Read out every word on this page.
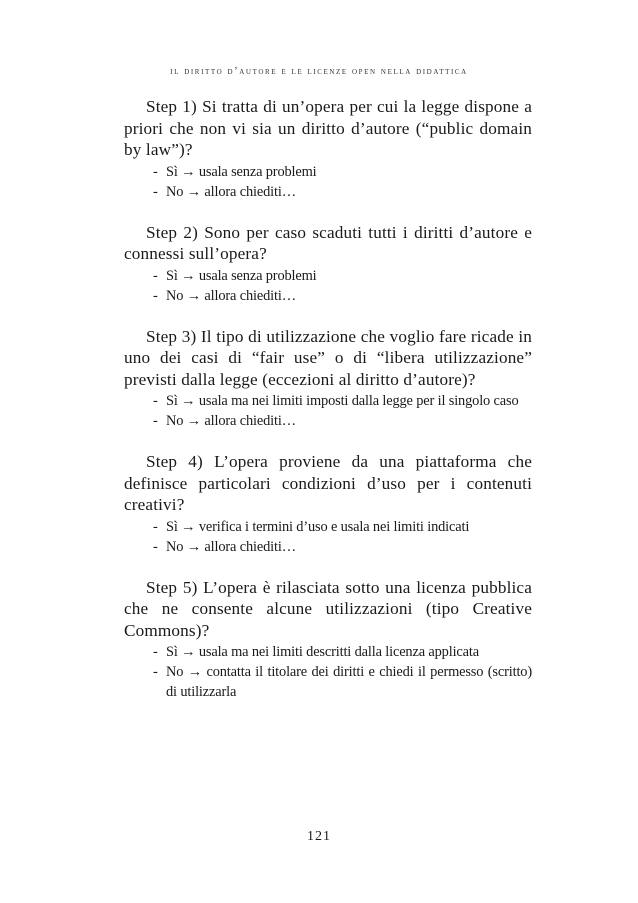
il diritto d’autore e le licenze open nella didattica
Step 1) Si tratta di un’opera per cui la legge dispone a priori che non vi sia un diritto d’autore (“public domain by law”)?
- Sì → usala senza problemi
- No → allora chiediti…
Step 2) Sono per caso scaduti tutti i diritti d’autore e connessi sull’opera?
- Sì → usala senza problemi
- No → allora chiediti…
Step 3) Il tipo di utilizzazione che voglio fare ricade in uno dei casi di “fair use” o di “libera utilizzazione” previsti dalla legge (eccezioni al diritto d’autore)?
- Sì → usala ma nei limiti imposti dalla legge per il singolo caso
- No → allora chiediti…
Step 4) L’opera proviene da una piattaforma che definisce particolari condizioni d’uso per i contenuti creativi?
- Sì → verifica i termini d’uso e usala nei limiti indicati
- No → allora chiediti…
Step 5) L’opera è rilasciata sotto una licenza pubblica che ne consente alcune utilizzazioni (tipo Creative Commons)?
- Sì → usala ma nei limiti descritti dalla licenza applicata
- No → contatta il titolare dei diritti e chiedi il permesso (scritto) di utilizzarla
121
